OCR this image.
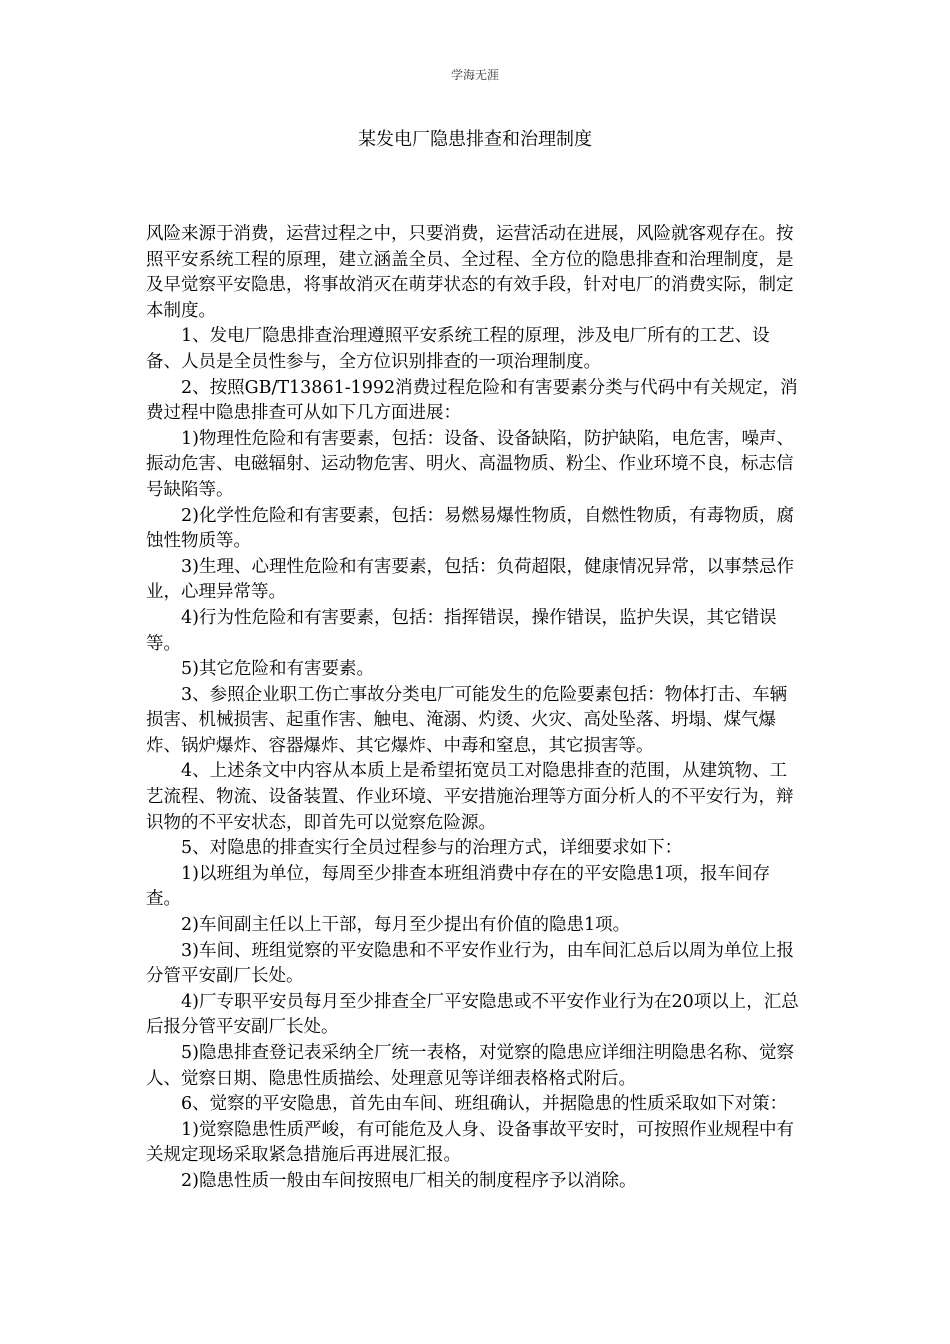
学海无涯
某发电厂隐患排查和治理制度

风险来源于消费，运营过程之中，只要消费，运营活动在进展，风险就客观存在。按照平安系统工程的原理，建立涵盖全员、全过程、全方位的隐患排查和治理制度，是及早觉察平安隐患，将事故消灭在萌芽状态的有效手段，针对电厂的消费实际，制定本制度。

1、发电厂隐患排查治理遵照平安系统工程的原理，涉及电厂所有的工艺、设备、人员是全员性参与，全方位识别排查的一项治理制度。

2、按照GB/T13861-1992消费过程危险和有害要素分类与代码中有关规定，消费过程中隐患排查可从如下几方面进展：

1)物理性危险和有害要素，包括：设备、设备缺陷，防护缺陷，电危害，噪声、振动危害、电磁辐射、运动物危害、明火、高温物质、粉尘、作业环境不良，标志信号缺陷等。

2)化学性危险和有害要素，包括：易燃易爆性物质，自燃性物质，有毒物质，腐蚀性物质等。

3)生理、心理性危险和有害要素，包括：负荷超限，健康情况异常，以事禁忌作业，心理异常等。

4)行为性危险和有害要素，包括：指挥错误，操作错误，监护失误，其它错误等。

5)其它危险和有害要素。

3、参照企业职工伤亡事故分类电厂可能发生的危险要素包括：物体打击、车辆损害、机械损害、起重作害、触电、淹溺、灼烫、火灾、高处坠落、坍塌、煤气爆炸、锅炉爆炸、容器爆炸、其它爆炸、中毒和窒息，其它损害等。

4、上述条文中内容从本质上是希望拓宽员工对隐患排查的范围，从建筑物、工艺流程、物流、设备装置、作业环境、平安措施治理等方面分析人的不平安行为，辩识物的不平安状态，即首先可以觉察危险源。

5、对隐患的排查实行全员过程参与的治理方式，详细要求如下：

1)以班组为单位，每周至少排查本班组消费中存在的平安隐患1项，报车间存查。

2)车间副主任以上干部，每月至少提出有价值的隐患1项。

3)车间、班组觉察的平安隐患和不平安作业行为，由车间汇总后以周为单位上报分管平安副厂长处。

4)厂专职平安员每月至少排查全厂平安隐患或不平安作业行为在20项以上，汇总后报分管平安副厂长处。

5)隐患排查登记表采纳全厂统一表格，对觉察的隐患应详细注明隐患名称、觉察人、觉察日期、隐患性质描绘、处理意见等详细表格格式附后。

6、觉察的平安隐患，首先由车间、班组确认，并据隐患的性质采取如下对策：

1)觉察隐患性质严峻，有可能危及人身、设备事故平安时，可按照作业规程中有关规定现场采取紧急措施后再进展汇报。

2)隐患性质一般由车间按照电厂相关的制度程序予以消除。
